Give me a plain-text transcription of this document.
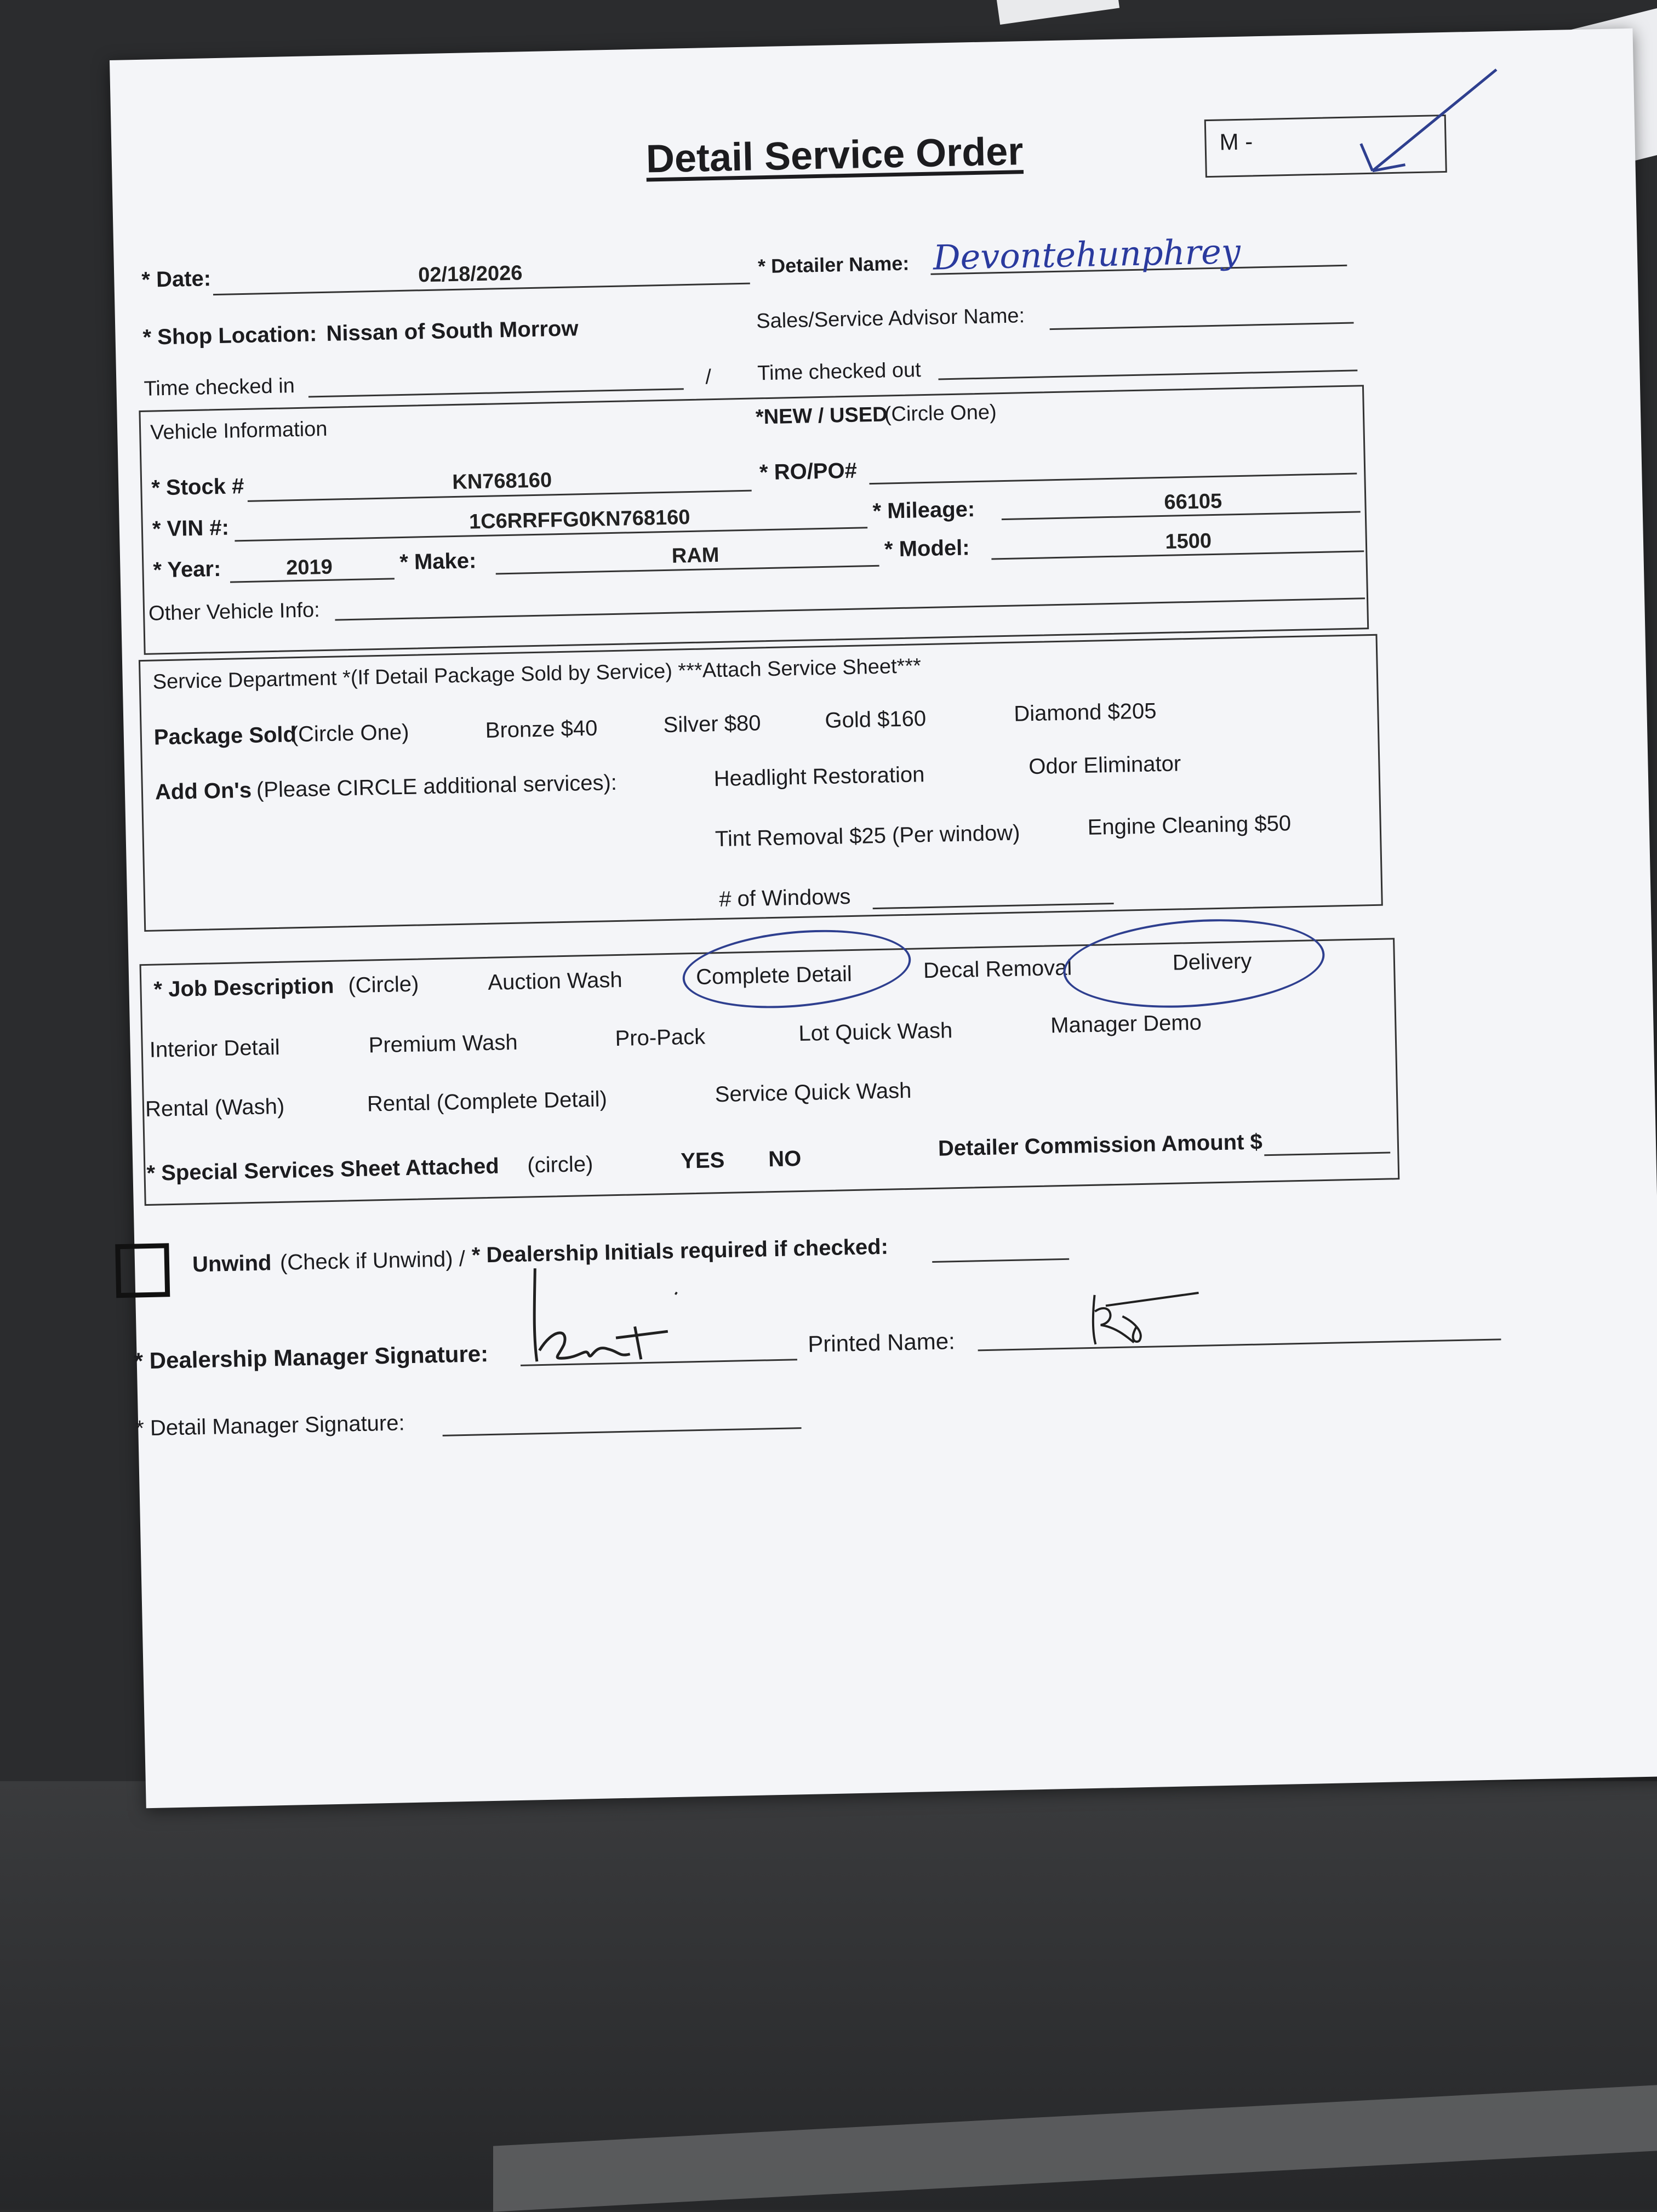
Detail Service Order	M -
* Date:	02/18/2026	* Detailer Name: Devontehunphrey
* Shop Location: Nissan of South Morrow	Sales/Service Advisor Name:
Time checked in	/ Time checked out
Vehicle Information
*NEW / USED
(Circle One)
* Stock #	KN768160	* RO/PO#
* VIN #:	1C6RRFFG0KN768160	* Mileage:	66105
* Year:	2019	* Make:	RAM	* Model:	1500
Other Vehicle Info:
Service Department *(If Detail Package Sold by Service) ***Attach Service Sheet***
Package Sold
(Circle One)	Bronze $40	Silver $80	Gold $160	Diamond $205
Add On's (Please CIRCLE additional services):	Headlight Restoration	Odor Eliminator
Tint Removal $25 (Per window)	Engine Cleaning $50
# of Windows
* Job Description (Circle)	Auction Wash	Complete Detail	Decal Removal	Delivery
Interior Detail	Premium Wash	Pro-Pack	Lot Quick Wash	Manager Demo
Rental (Wash)	Rental (Complete Detail)	Service Quick Wash
* Special Services Sheet Attached (circle)	YES NO	Detailer Commission Amount $
Unwind (Check if Unwind) / * Dealership Initials required if checked:
* Dealership Manager Signature:	Printed Name:
* Detail Manager Signature:
